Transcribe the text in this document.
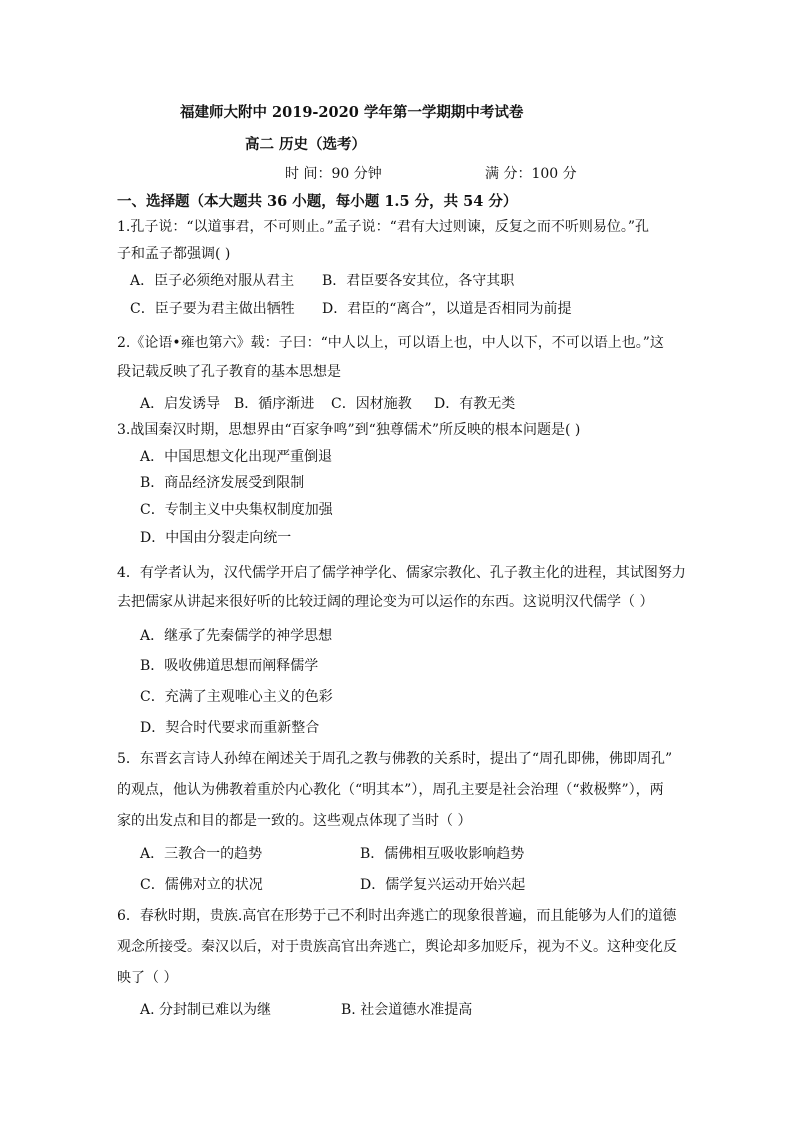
福建师大附中 2019-2020 学年第一学期期中考试卷
高二 历史（选考）
时 间：90 分钟	满 分：100 分
一、选择题（本大题共 36 小题，每小题 1.5 分，共 54 分）
1.孔子说：“以道事君，不可则止。”孟子说：“君有大过则谏，反复之而不听则易位。”孔
子和孟子都强调( )
A．臣子必须绝对服从君主 B．君臣要各安其位，各守其职
C．臣子要为君主做出牺牲 D．君臣的“离合”，以道是否相同为前提
2.《论语•雍也第六》载：子曰：“中人以上，可以语上也，中人以下，不可以语上也。”这
段记载反映了孔子教育的基本思想是
A．启发诱导 B．循序渐进 C．因材施教 D．有教无类
3.战国秦汉时期，思想界由“百家争鸣”到“独尊儒术”所反映的根本问题是( )
A．中国思想文化出现严重倒退
B．商品经济发展受到限制
C．专制主义中央集权制度加强
D．中国由分裂走向统一
4．有学者认为，汉代儒学开启了儒学神学化、儒家宗教化、孔子教主化的进程，其试图努力
去把儒家从讲起来很好听的比较迂阔的理论变为可以运作的东西。这说明汉代儒学（ ）
A．继承了先秦儒学的神学思想
B．吸收佛道思想而阐释儒学
C．充满了主观唯心主义的色彩
D．契合时代要求而重新整合
5．东晋玄言诗人孙绰在阐述关于周孔之教与佛教的关系时，提出了“周孔即佛，佛即周孔”
的观点，他认为佛教着重於内心教化（“明其本”），周孔主要是社会治理（“救极弊”），两
家的出发点和目的都是一致的。这些观点体现了当时（ ）
A．三教合一的趋势	B．儒佛相互吸收影响趋势
C．儒佛对立的状况	D．儒学复兴运动开始兴起
6．春秋时期，贵族.高官在形势于己不利时出奔逃亡的现象很普遍，而且能够为人们的道德
观念所接受。秦汉以后，对于贵族高官出奔逃亡，舆论却多加贬斥，视为不义。这种变化反
映了（ ）
A. 分封制已难以为继	B. 社会道德水准提高
